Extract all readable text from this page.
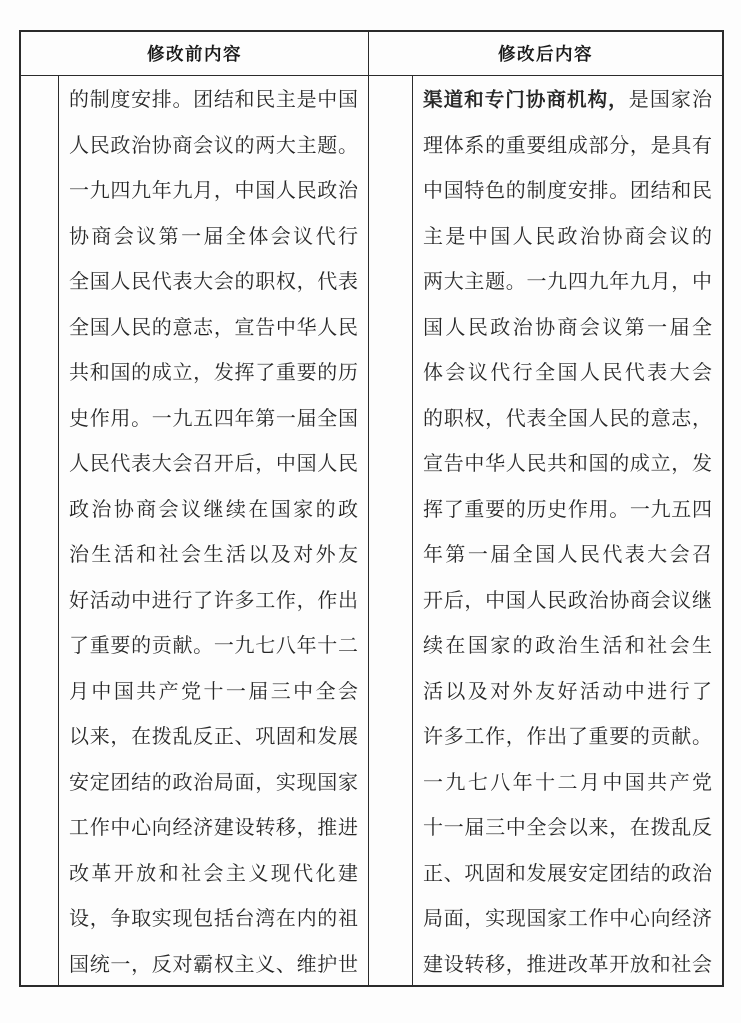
修改前内容	修改后内容
的制度安排。团结和民主是中国
人民政治协商会议的两大主题。
一九四九年九月，中国人民政治
协商会议第一届全体会议代行
全国人民代表大会的职权，代表
全国人民的意志，宣告中华人民
共和国的成立，发挥了重要的历
史作用。一九五四年第一届全国
人民代表大会召开后，中国人民
政治协商会议继续在国家的政
治生活和社会生活以及对外友
好活动中进行了许多工作，作出
了重要的贡献。一九七八年十二
月中国共产党十一届三中全会
以来，在拨乱反正、巩固和发展
安定团结的政治局面，实现国家
工作中心向经济建设转移，推进
改革开放和社会主义现代化建
设，争取实现包括台湾在内的祖
国统一，反对霸权主义、维护世
渠道和专门协商机构，是国家治
理体系的重要组成部分，是具有
中国特色的制度安排。团结和民
主是中国人民政治协商会议的
两大主题。一九四九年九月，中
国人民政治协商会议第一届全
体会议代行全国人民代表大会
的职权，代表全国人民的意志，
宣告中华人民共和国的成立，发
挥了重要的历史作用。一九五四
年第一届全国人民代表大会召
开后，中国人民政治协商会议继
续在国家的政治生活和社会生
活以及对外友好活动中进行了
许多工作，作出了重要的贡献。
一九七八年十二月中国共产党
十一届三中全会以来，在拨乱反
正、巩固和发展安定团结的政治
局面，实现国家工作中心向经济
建设转移，推进改革开放和社会
